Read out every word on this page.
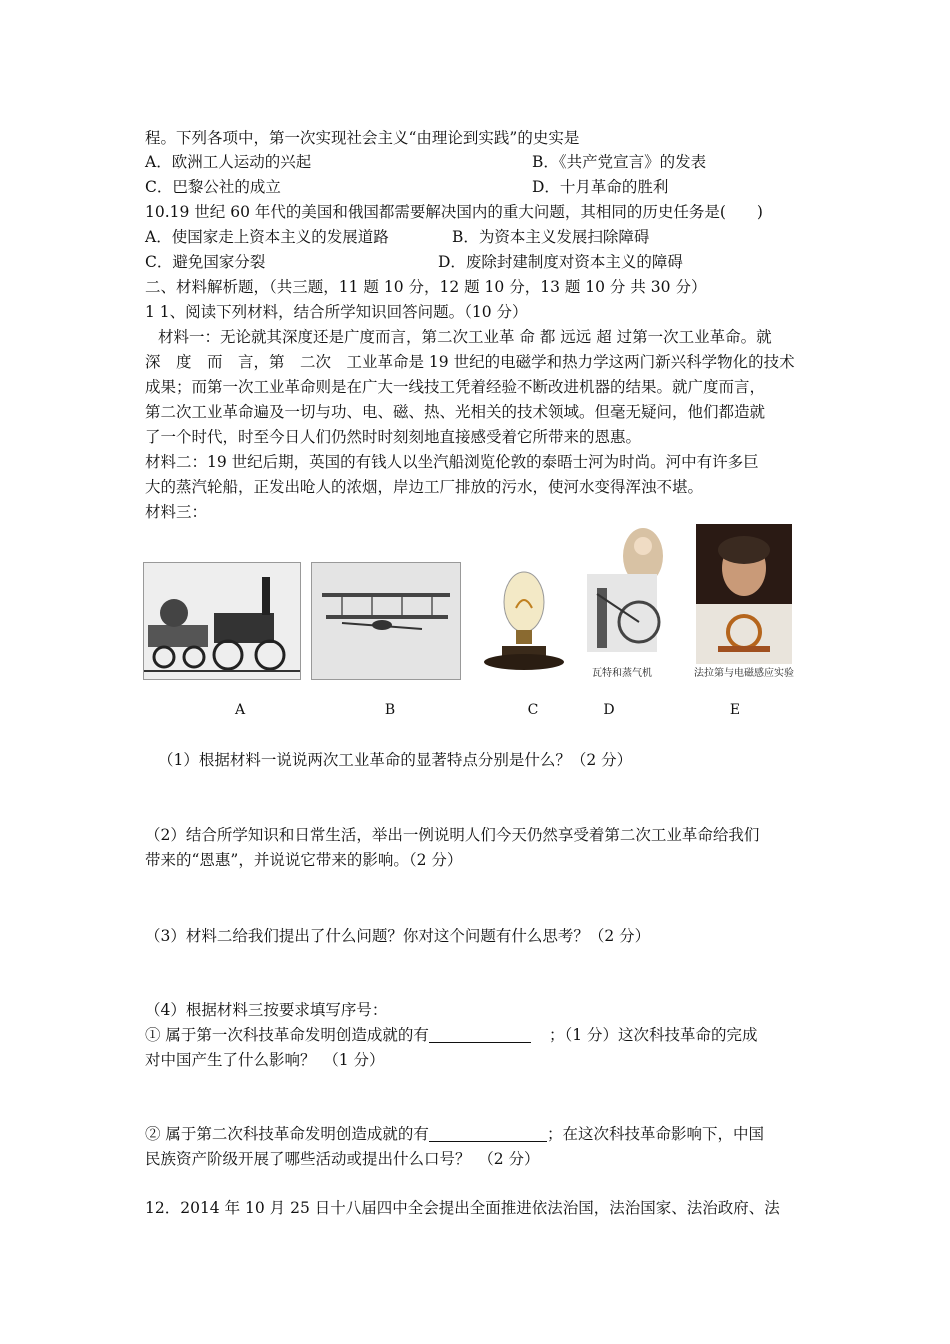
程。下列各项中，第一次实现社会主义“由理论到实践”的史实是
A．欧洲工人运动的兴起	B．《共产党宣言》的发表
C．巴黎公社的成立	D．十月革命的胜利
10.19 世纪 60 年代的美国和俄国都需要解决国内的重大问题，其相同的历史任务是(　　)
A．使国家走上资本主义的发展道路	B．为资本主义发展扫除障碍
C．避免国家分裂	D．废除封建制度对资本主义的障碍
二、材料解析题，（共三题，11 题 10 分，12 题 10 分，13 题 10 分 共 30 分）
1 1、阅读下列材料，结合所学知识回答问题。（10 分）
材料一：无论就其深度还是广度而言，第二次工业革 命 都 远远 超 过第一次工业革命。就
深　度　而　言，第　二次　工业革命是 19 世纪的电磁学和热力学这两门新兴科学物化的技术
成果；而第一次工业革命则是在广大一线技工凭着经验不断改进机器的结果。就广度而言，
第二次工业革命遍及一切与功、电、磁、热、光相关的技术领域。但毫无疑问，他们都造就
了一个时代，时至今日人们仍然时时刻刻地直接感受着它所带来的恩惠。
材料二：19 世纪后期，英国的有钱人以坐汽船浏览伦敦的泰晤士河为时尚。河中有许多巨
大的蒸汽轮船，正发出呛人的浓烟，岸边工厂排放的污水，使河水变得浑浊不堪。
材料三：
瓦特和蒸气机	法拉第与电磁感应实验
A	B	C	D	E
（1）根据材料一说说两次工业革命的显著特点分别是什么？（2 分）
（2）结合所学知识和日常生活，举出一例说明人们今天仍然享受着第二次工业革命给我们
带来的“恩惠”，并说说它带来的影响。（2 分）
（3）材料二给我们提出了什么问题？你对这个问题有什么思考？（2 分）
（4）根据材料三按要求填写序号：
① 属于第一次科技革命发明创造成就的有	；（1 分）这次科技革命的完成
对中国产生了什么影响？　（1 分）
② 属于第二次科技革命发明创造成就的有	；在这次科技革命影响下，中国
民族资产阶级开展了哪些活动或提出什么口号？　（2 分）
12．2014 年 10 月 25 日十八届四中全会提出全面推进依法治国，法治国家、法治政府、法
